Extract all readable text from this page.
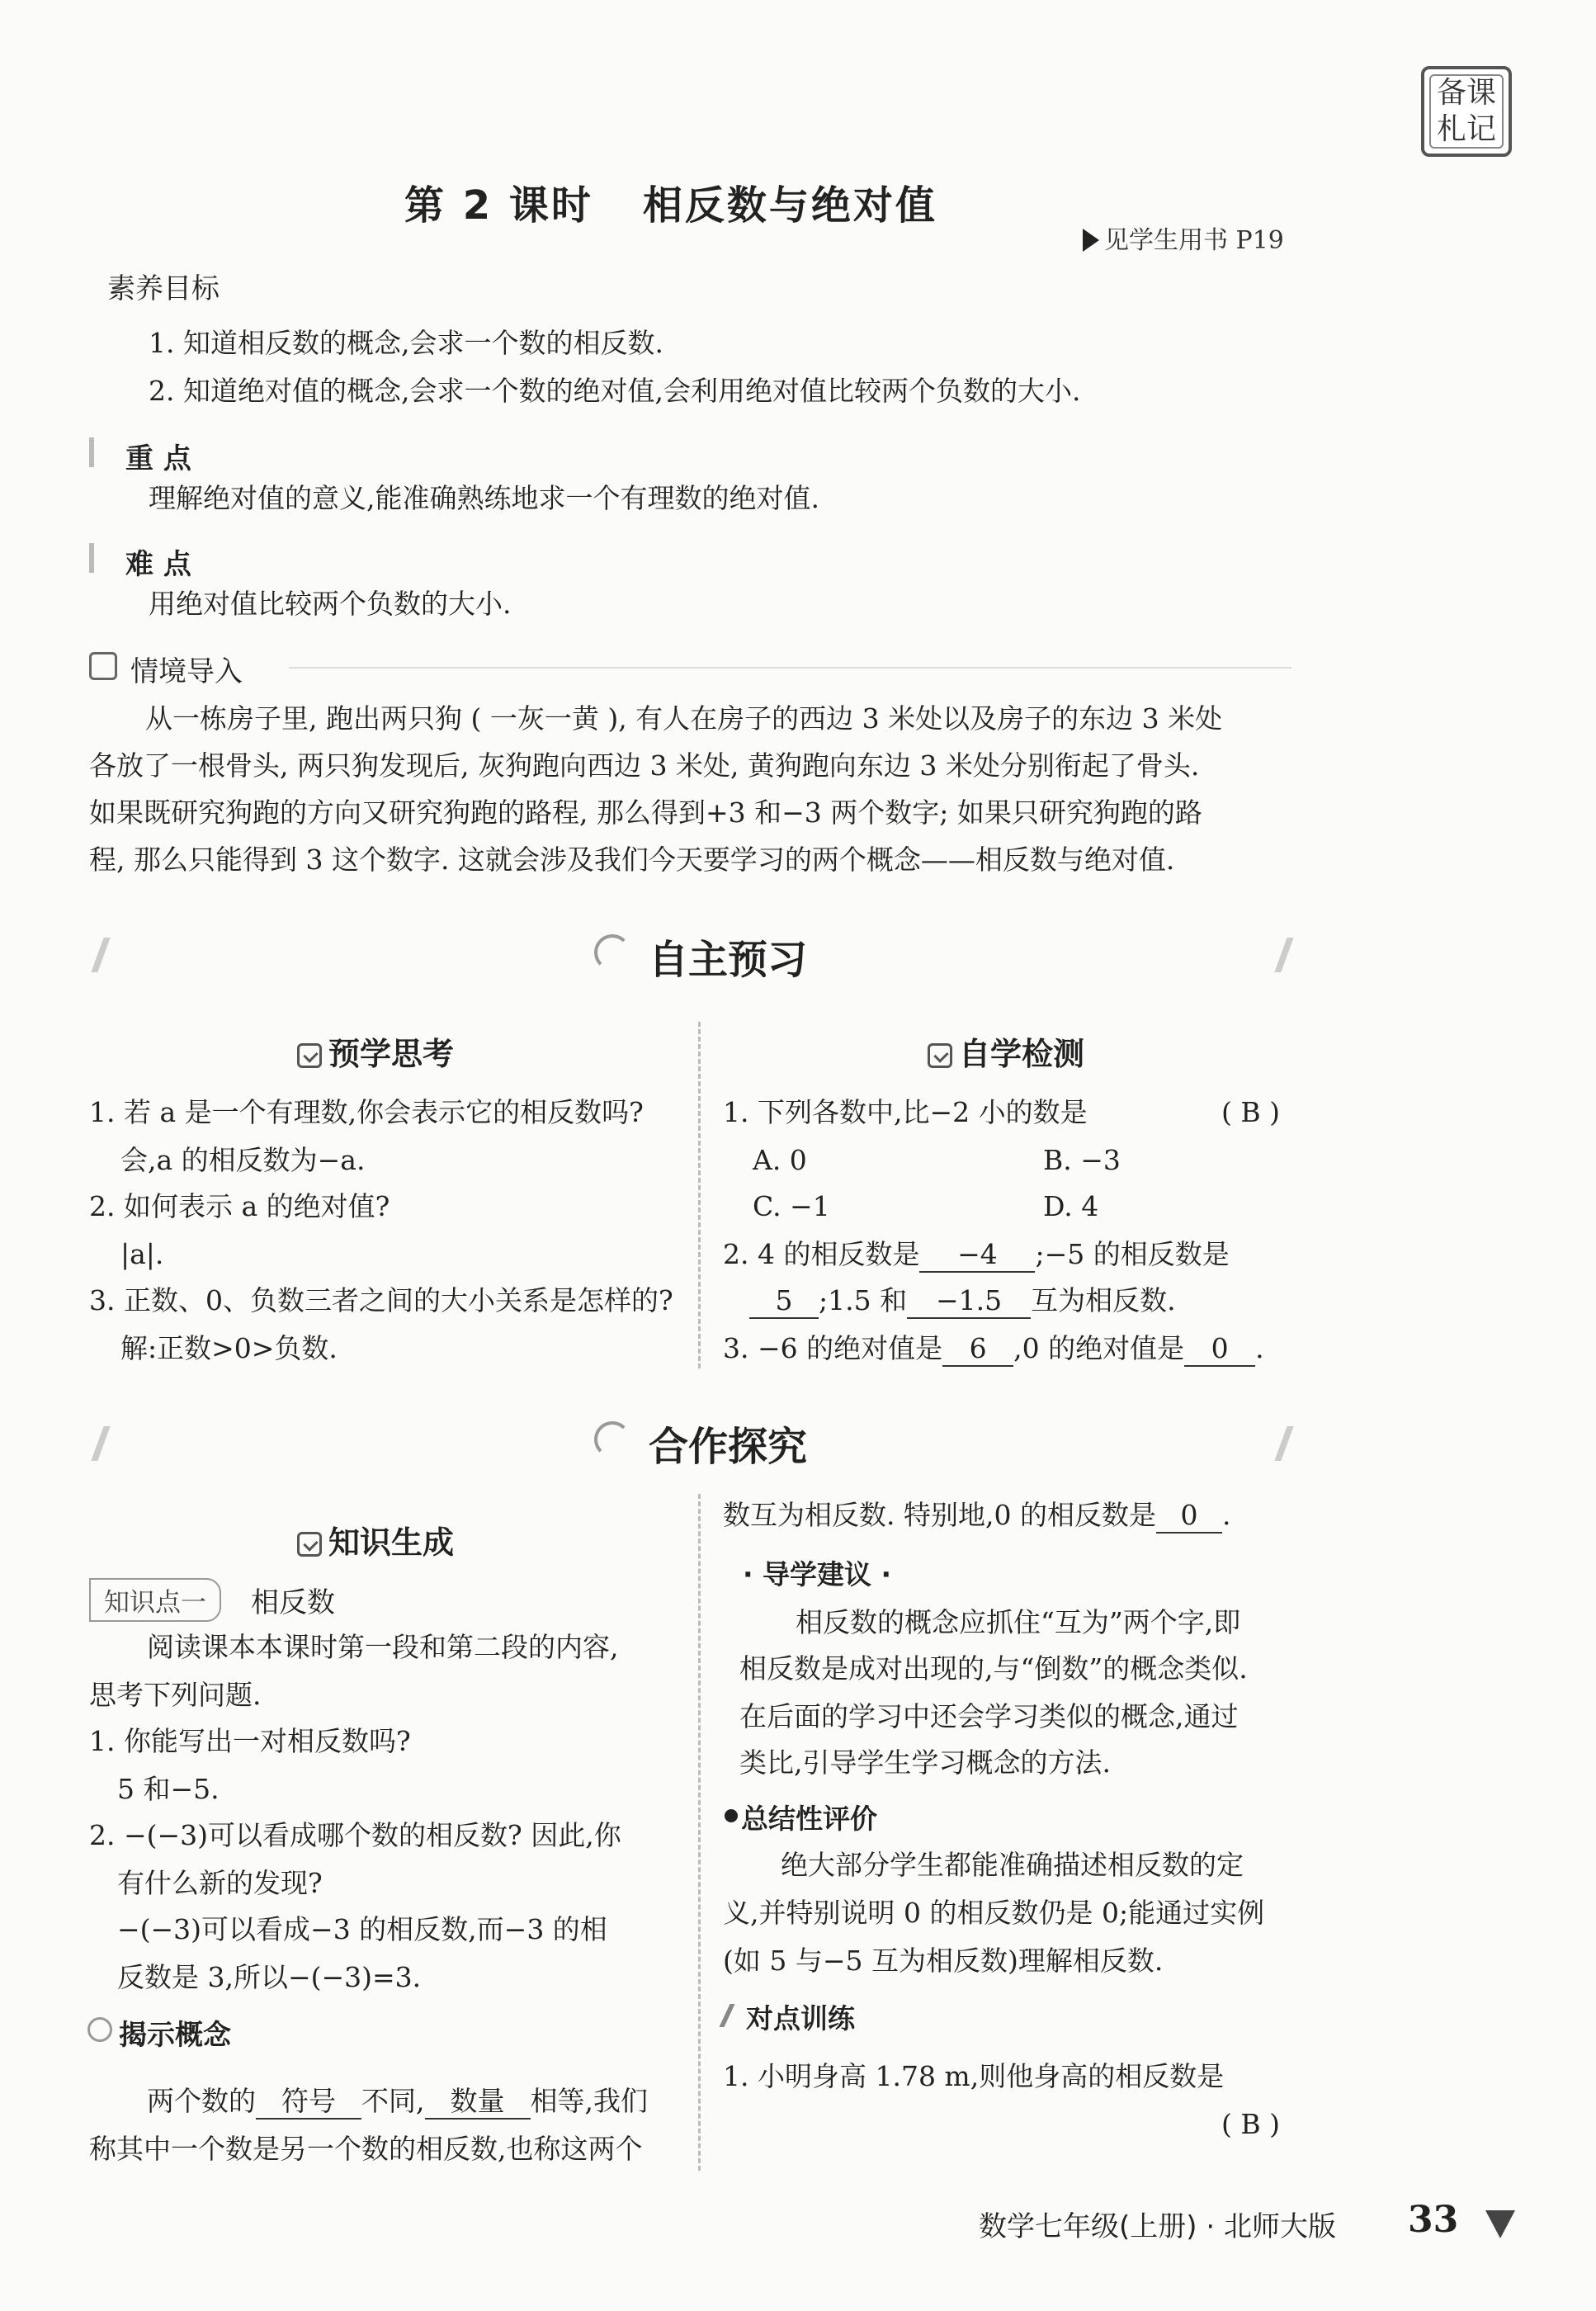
备课
札记
第 2 课时 相反数与绝对值
见学生用书 P19
素养目标
1. 知道相反数的概念,会求一个数的相反数.
2. 知道绝对值的概念,会求一个数的绝对值,会利用绝对值比较两个负数的大小.
重 点
理解绝对值的意义,能准确熟练地求一个有理数的绝对值.
难 点
用绝对值比较两个负数的大小.
情境导入
从一栋房子里, 跑出两只狗 ( 一灰一黄 ), 有人在房子的西边 3 米处以及房子的东边 3 米处
各放了一根骨头, 两只狗发现后, 灰狗跑向西边 3 米处, 黄狗跑向东边 3 米处分别衔起了骨头.
如果既研究狗跑的方向又研究狗跑的路程, 那么得到+3 和−3 两个数字; 如果只研究狗跑的路
程, 那么只能得到 3 这个数字. 这就会涉及我们今天要学习的两个概念——相反数与绝对值.
自主预习
预学思考
1. 若 a 是一个有理数,你会表示它的相反数吗?
会,a 的相反数为−a.
2. 如何表示 a 的绝对值?
|a|.
3. 正数、0、负数三者之间的大小关系是怎样的?
解:正数>0>负数.
自学检测
1. 下列各数中,比−2 小的数是	( B )
A. 0	B. −3
C. −1	D. 4
2. 4 的相反数是 −4 ;−5 的相反数是
5 ;1.5 和 −1.5 互为相反数.
3. −6 的绝对值是 6 ,0 的绝对值是 0 .
合作探究
知识生成
知识点一	相反数
阅读课本本课时第一段和第二段的内容,
思考下列问题.
1. 你能写出一对相反数吗?
5 和−5.
2. −(−3)可以看成哪个数的相反数? 因此,你
有什么新的发现?
−(−3)可以看成−3 的相反数,而−3 的相
反数是 3,所以−(−3)=3.
揭示概念
两个数的 符号 不同, 数量 相等,我们
称其中一个数是另一个数的相反数,也称这两个
数互为相反数. 特别地,0 的相反数是 0 .
· 导学建议 ·
相反数的概念应抓住“互为”两个字,即
相反数是成对出现的,与“倒数”的概念类似.
在后面的学习中还会学习类似的概念,通过
类比,引导学生学习概念的方法.
总结性评价
绝大部分学生都能准确描述相反数的定
义,并特别说明 0 的相反数仍是 0;能通过实例
(如 5 与−5 互为相反数)理解相反数.
对点训练
1. 小明身高 1.78 m,则他身高的相反数是
( B )
数学七年级(上册) · 北师大版 33
